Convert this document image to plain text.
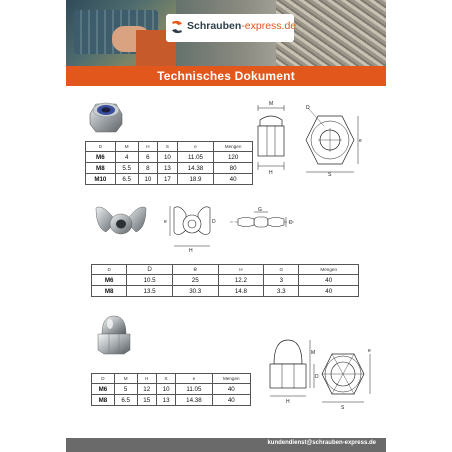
Schrauben-express.de
Technisches Dokument
M
H
D
e
S
D	M	H	S	e	Mengen
M6	4	6	10	11.05	120
M8	5.5	8	13	14.38	80
M10	6.5	10	17	18.9	40
e
H
D
G
D
D	D	e	H	G	Mengen
M6	10.5	25	12.2	3	40
M8	13.5	30.3	14.8	3.3	40
M
D
H
e
S
D	M	H	S	e	Mengen
M6	5	12	10	11.05	40
M8	6.5	15	13	14.38	40
kundendienst@schrauben-express.de
